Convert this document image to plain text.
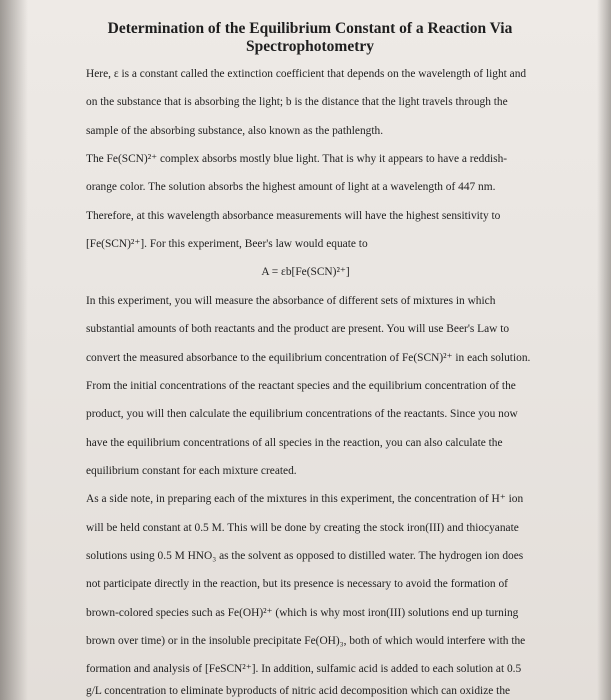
Determination of the Equilibrium Constant of a Reaction Via
Spectrophotometry
Here, ε is a constant called the extinction coefficient that depends on the wavelength of light and
on the substance that is absorbing the light; b is the distance that the light travels through the
sample of the absorbing substance, also known as the pathlength.
The Fe(SCN)²⁺ complex absorbs mostly blue light. That is why it appears to have a reddish-
orange color. The solution absorbs the highest amount of light at a wavelength of 447 nm.
Therefore, at this wavelength absorbance measurements will have the highest sensitivity to
[Fe(SCN)²⁺]. For this experiment, Beer's law would equate to
A = εb[Fe(SCN)²⁺]
In this experiment, you will measure the absorbance of different sets of mixtures in which
substantial amounts of both reactants and the product are present. You will use Beer's Law to
convert the measured absorbance to the equilibrium concentration of Fe(SCN)²⁺ in each solution.
From the initial concentrations of the reactant species and the equilibrium concentration of the
product, you will then calculate the equilibrium concentrations of the reactants. Since you now
have the equilibrium concentrations of all species in the reaction, you can also calculate the
equilibrium constant for each mixture created.
As a side note, in preparing each of the mixtures in this experiment, the concentration of H⁺ ion
will be held constant at 0.5 M. This will be done by creating the stock iron(III) and thiocyanate
solutions using 0.5 M HNO₃ as the solvent as opposed to distilled water. The hydrogen ion does
not participate directly in the reaction, but its presence is necessary to avoid the formation of
brown-colored species such as Fe(OH)²⁺ (which is why most iron(III) solutions end up turning
brown over time) or in the insoluble precipitate Fe(OH)₃, both of which would interfere with the
formation and analysis of [FeSCN²⁺]. In addition, sulfamic acid is added to each solution at 0.5
g/L concentration to eliminate byproducts of nitric acid decomposition which can oxidize the
